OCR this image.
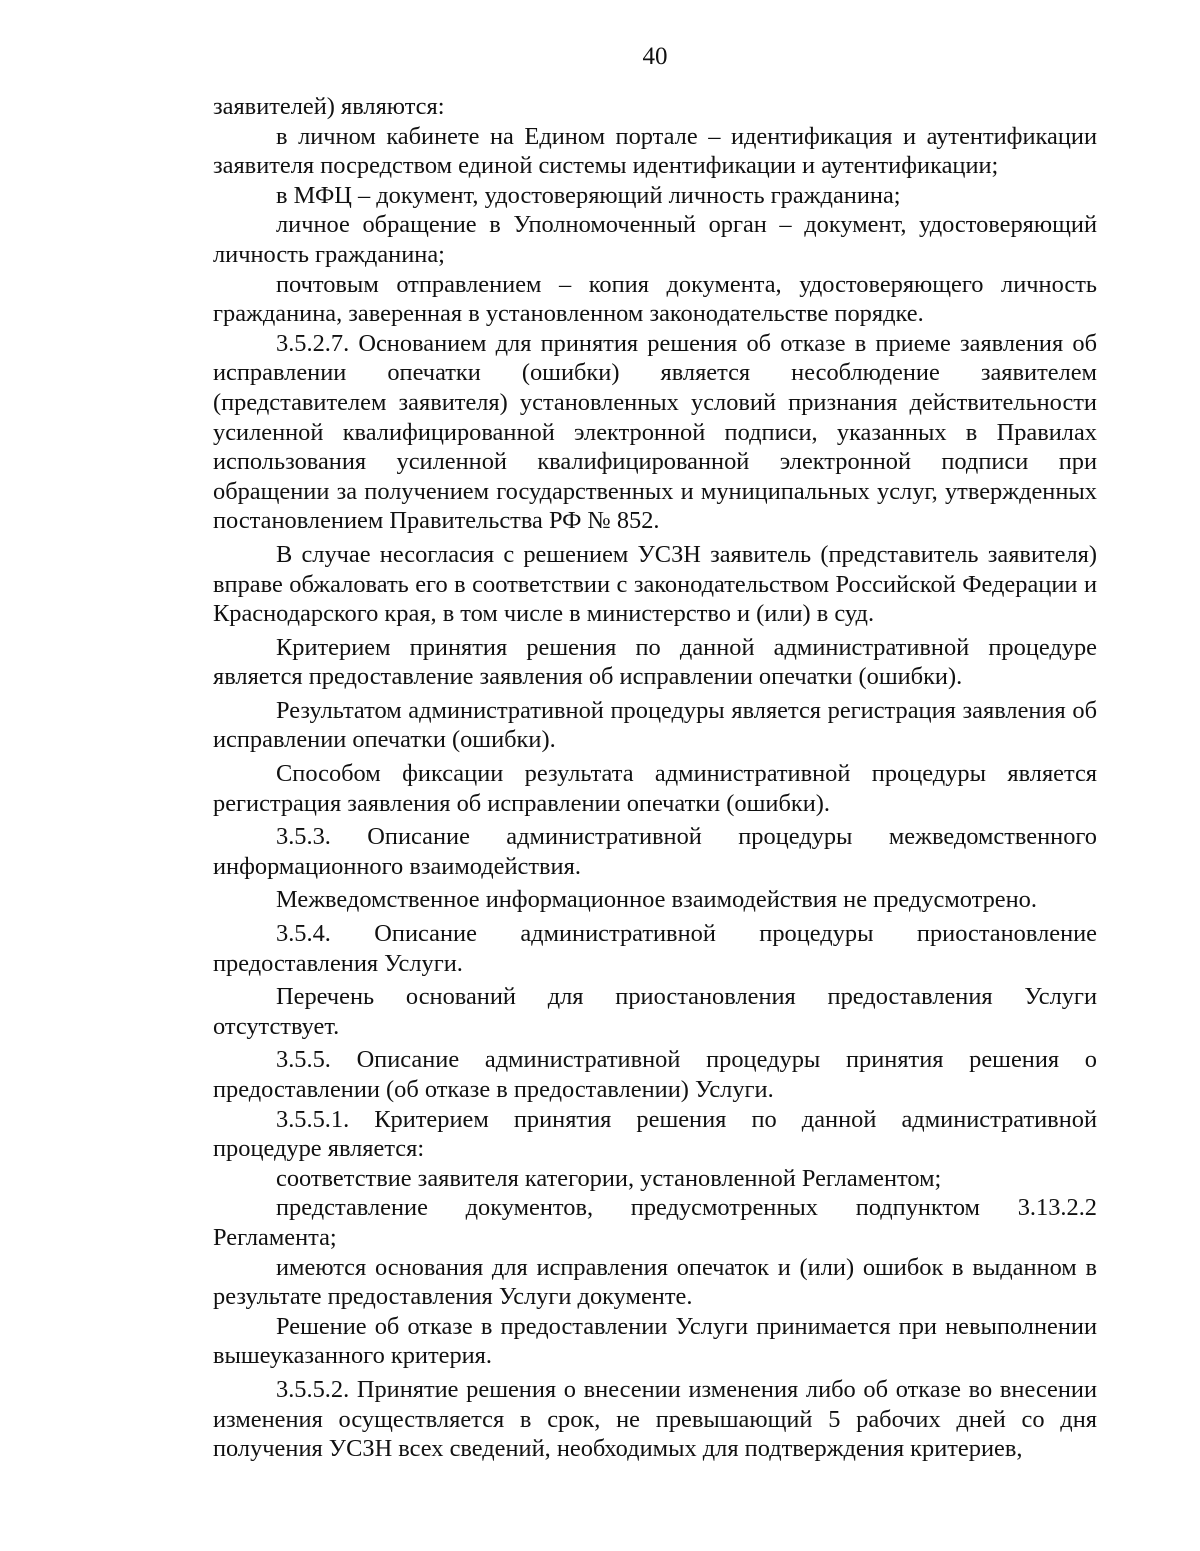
40

заявителей) являются:

в личном кабинете на Едином портале – идентификация и аутентификации заявителя посредством единой системы идентификации и аутентификации;

в МФЦ – документ, удостоверяющий личность гражданина;

личное обращение в Уполномоченный орган – документ, удостоверяющий личность гражданина;

почтовым отправлением – копия документа, удостоверяющего личность гражданина, заверенная в установленном законодательстве порядке.

3.5.2.7. Основанием для принятия решения об отказе в приеме заявления об исправлении опечатки (ошибки) является несоблюдение заявителем (представителем заявителя) установленных условий признания действительности усиленной квалифицированной электронной подписи, указанных в Правилах использования усиленной квалифицированной электронной подписи при обращении за получением государственных и муниципальных услуг, утвержденных постановлением Правительства РФ № 852.

В случае несогласия с решением УСЗН заявитель (представитель заявителя) вправе обжаловать его в соответствии с законодательством Российской Федерации и Краснодарского края, в том числе в министерство и (или) в суд.

Критерием принятия решения по данной административной процедуре является предоставление заявления об исправлении опечатки (ошибки).

Результатом административной процедуры является регистрация заявления об исправлении опечатки (ошибки).

Способом фиксации результата административной процедуры является регистрация заявления об исправлении опечатки (ошибки).

3.5.3. Описание административной процедуры межведомственного информационного взаимодействия.

Межведомственное информационное взаимодействия не предусмотрено.

3.5.4. Описание административной процедуры приостановление предоставления Услуги.

Перечень оснований для приостановления предоставления Услуги отсутствует.

3.5.5. Описание административной процедуры принятия решения о предоставлении (об отказе в предоставлении) Услуги.

3.5.5.1. Критерием принятия решения по данной административной процедуре является:

соответствие заявителя категории, установленной Регламентом;

представление документов, предусмотренных подпунктом 3.13.2.2 Регламента;

имеются основания для исправления опечаток и (или) ошибок в выданном в результате предоставления Услуги документе.

Решение об отказе в предоставлении Услуги принимается при невыполнении вышеуказанного критерия.

3.5.5.2. Принятие решения о внесении изменения либо об отказе во внесении изменения осуществляется в срок, не превышающий 5 рабочих дней со дня получения УСЗН всех сведений, необходимых для подтверждения критериев,
